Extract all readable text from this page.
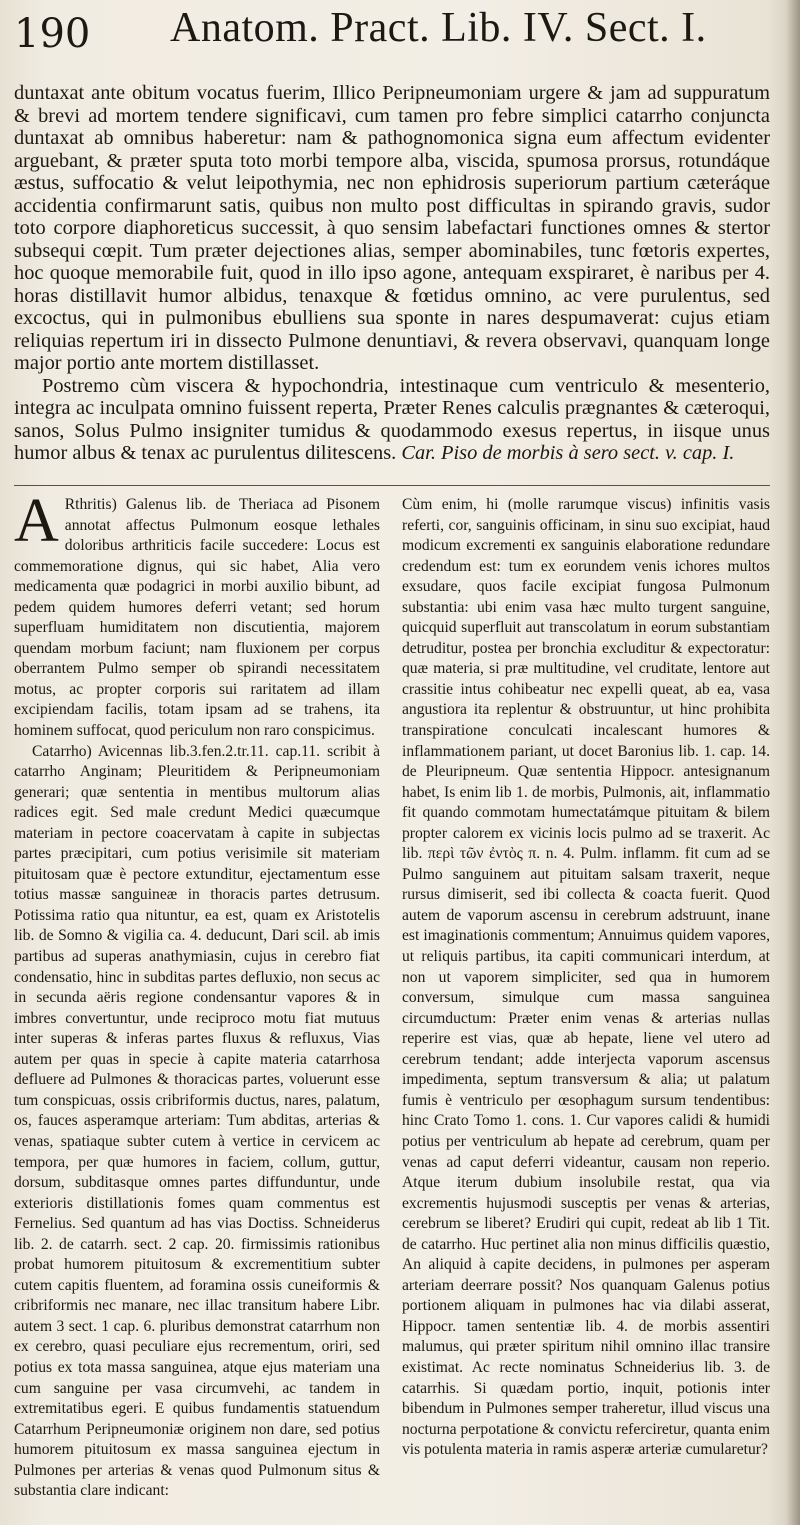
190 Anatom. Pract. Lib. IV. Sect. I.

duntaxat ante obitum vocatus fuerim, Illico Peripneumoniam urgere & jam ad suppuratum & brevi ad mortem tendere significavi, cum tamen pro febre simplici catarrho conjuncta duntaxat ab omnibus haberetur: nam & pathognomonica signa eum affectum evidenter arguebant, & præter sputa toto morbi tempore alba, viscida, spumosa prorsus, rotundáque æstus, suffocatio & velut leipothymia, nec non ephidrosis superiorum partium cæteráque accidentia confirmarunt satis, quibus non multo post difficultas in spirando gravis, sudor toto corpore diaphoreticus successit, à quo sensim labefactari functiones omnes & stertor subsequi cœpit. Tum præter dejectiones alias, semper abominabiles, tunc fœtoris expertes, hoc quoque memorabile fuit, quod in illo ipso agone, antequam exspiraret, è naribus per 4. horas distillavit humor albidus, tenaxque & fœtidus omnino, ac vere purulentus, sed excoctus, qui in pulmonibus ebulliens sua sponte in nares despumaverat: cujus etiam reliquias repertum iri in dissecto Pulmone denuntiavi, & revera observavi, quanquam longe major portio ante mortem distillasset.

Postremo cùm viscera & hypochondria, intestinaque cum ventriculo & mesenterio, integra ac inculpata omnino fuissent reperta, Præter Renes calculis prægnantes & cæteroqui, sanos, Solus Pulmo insigniter tumidus & quodammodo exesus repertus, in iisque unus humor albus & tenax ac purulentus dilitescens. Car. Piso de morbis à sero sect. v. cap. I.

A Rthritis) Galenus lib. de Theriaca ad Pisonem annotat affectus Pulmonum eosque lethales doloribus arthriticis facile succedere: Locus est commemoratione dignus, qui sic habet, Alia vero medicamenta quæ podagrici in morbi auxilio bibunt, ad pedem quidem humores deferri vetant; sed horum superfluam humiditatem non discutientia, majorem quendam morbum faciunt; nam fluxionem per corpus oberrantem Pulmo semper ob spirandi necessitatem motus, ac propter corporis sui raritatem ad illam excipiendam facilis, totam ipsam ad se trahens, ita hominem suffocat, quod periculum non raro conspicimus.

Catarrho) Avicennas lib.3.fen.2.tr.11. cap.11. scribit à catarrho Anginam; Pleuritidem & Peripneumoniam generari; quæ sententia in mentibus multorum alias radices egit. Sed male credunt Medici quæcumque materiam in pectore coacervatam à capite in subjectas partes præcipitari, cum potius verisimile sit materiam pituitosam quæ è pectore extunditur, ejectamentum esse totius massæ sanguineæ in thoracis partes detrusum. Potissima ratio qua nituntur, ea est, quam ex Aristotelis lib. de Somno & vigilia ca. 4. deducunt, Dari scil. ab imis partibus ad superas anathymiasin, cujus in cerebro fiat condensatio, hinc in subditas partes defluxio, non secus ac in secunda aëris regione condensantur vapores & in imbres convertuntur, unde reciproco motu fiat mutuus inter superas & inferas partes fluxus & refluxus, Vias autem per quas in specie à capite materia catarrhosa defluere ad Pulmones & thoracicas partes, voluerunt esse tum conspicuas, ossis cribriformis ductus, nares, palatum, os, fauces asperamque arteriam: Tum abditas, arterias & venas, spatiaque subter cutem à vertice in cervicem ac tempora, per quæ humores in faciem, collum, guttur, dorsum, subditasque omnes partes diffunduntur, unde exterioris distillationis fomes quam commentus est Fernelius. Sed quantum ad has vias Doctiss. Schneiderus lib. 2. de catarrh. sect. 2 cap. 20. firmissimis rationibus probat humorem pituitosum & excrementitium subter cutem capitis fluentem, ad foramina ossis cuneiformis & cribriformis nec manare, nec illac transitum habere Libr. autem 3 sect. 1 cap. 6. pluribus demonstrat catarrhum non ex cerebro, quasi peculiare ejus recrementum, oriri, sed potius ex tota massa sanguinea, atque ejus materiam una cum sanguine per vasa circumvehi, ac tandem in extremitatibus egeri. E quibus fundamentis statuendum Catarrhum Peripneumoniæ originem non dare, sed potius humorem pituitosum ex massa sanguinea ejectum in Pulmones per arterias & venas quod Pulmonum situs & substantia clare indicant:

Cùm enim, hi (molle rarumque viscus) infinitis vasis referti, cor, sanguinis officinam, in sinu suo excipiat, haud modicum excrementi ex sanguinis elaboratione redundare credendum est: tum ex eorundem venis ichores multos exsudare, quos facile excipiat fungosa Pulmonum substantia: ubi enim vasa hæc multo turgent sanguine, quicquid superfluit aut transcolatum in eorum substantiam detruditur, postea per bronchia excluditur & expectoratur: quæ materia, si præ multitudine, vel cruditate, lentore aut crassitie intus cohibeatur nec expelli queat, ab ea, vasa angustiora ita replentur & obstruuntur, ut hinc prohibita transpiratione conculcati incalescant humores & inflammationem pariant, ut docet Baronius lib. 1. cap. 14. de Pleuripneum. Quæ sententia Hippocr. antesignanum habet, Is enim lib 1. de morbis, Pulmonis, ait, inflammatio fit quando commotam humectatámque pituitam & bilem propter calorem ex vicinis locis pulmo ad se traxerit. Ac lib. περὶ τῶν ἐντὸς π. n. 4. Pulm. inflamm. fit cum ad se Pulmo sanguinem aut pituitam salsam traxerit, neque rursus dimiserit, sed ibi collecta & coacta fuerit. Quod autem de vaporum ascensu in cerebrum adstruunt, inane est imaginationis commentum; Annuimus quidem vapores, ut reliquis partibus, ita capiti communicari interdum, at non ut vaporem simpliciter, sed qua in humorem conversum, simulque cum massa sanguinea circumductum: Præter enim venas & arterias nullas reperire est vias, quæ ab hepate, liene vel utero ad cerebrum tendant; adde interjecta vaporum ascensus impedimenta, septum transversum & alia; ut palatum fumis è ventriculo per œsophagum sursum tendentibus: hinc Crato Tomo 1. cons. 1. Cur vapores calidi & humidi potius per ventriculum ab hepate ad cerebrum, quam per venas ad caput deferri videantur, causam non reperio. Atque iterum dubium insolubile restat, qua via excrementis hujusmodi susceptis per venas & arterias, cerebrum se liberet? Erudiri qui cupit, redeat ab lib 1 Tit. de catarrho. Huc pertinet alia non minus difficilis quæstio, An aliquid à capite decidens, in pulmones per asperam arteriam deerrare possit? Nos quanquam Galenus potius portionem aliquam in pulmones hac via dilabi asserat, Hippocr. tamen sententiæ lib. 4. de morbis assentiri malumus, qui præter spiritum nihil omnino illac transire existimat. Ac recte nominatus Schneiderius lib. 3. de catarrhis. Si quædam portio, inquit, potionis inter bibendum in Pulmones semper traheretur, illud viscus una nocturna perpotatione & convictu referciretur, quanta enim vis potulenta materia in ramis asperæ arteriæ cumularetur?
